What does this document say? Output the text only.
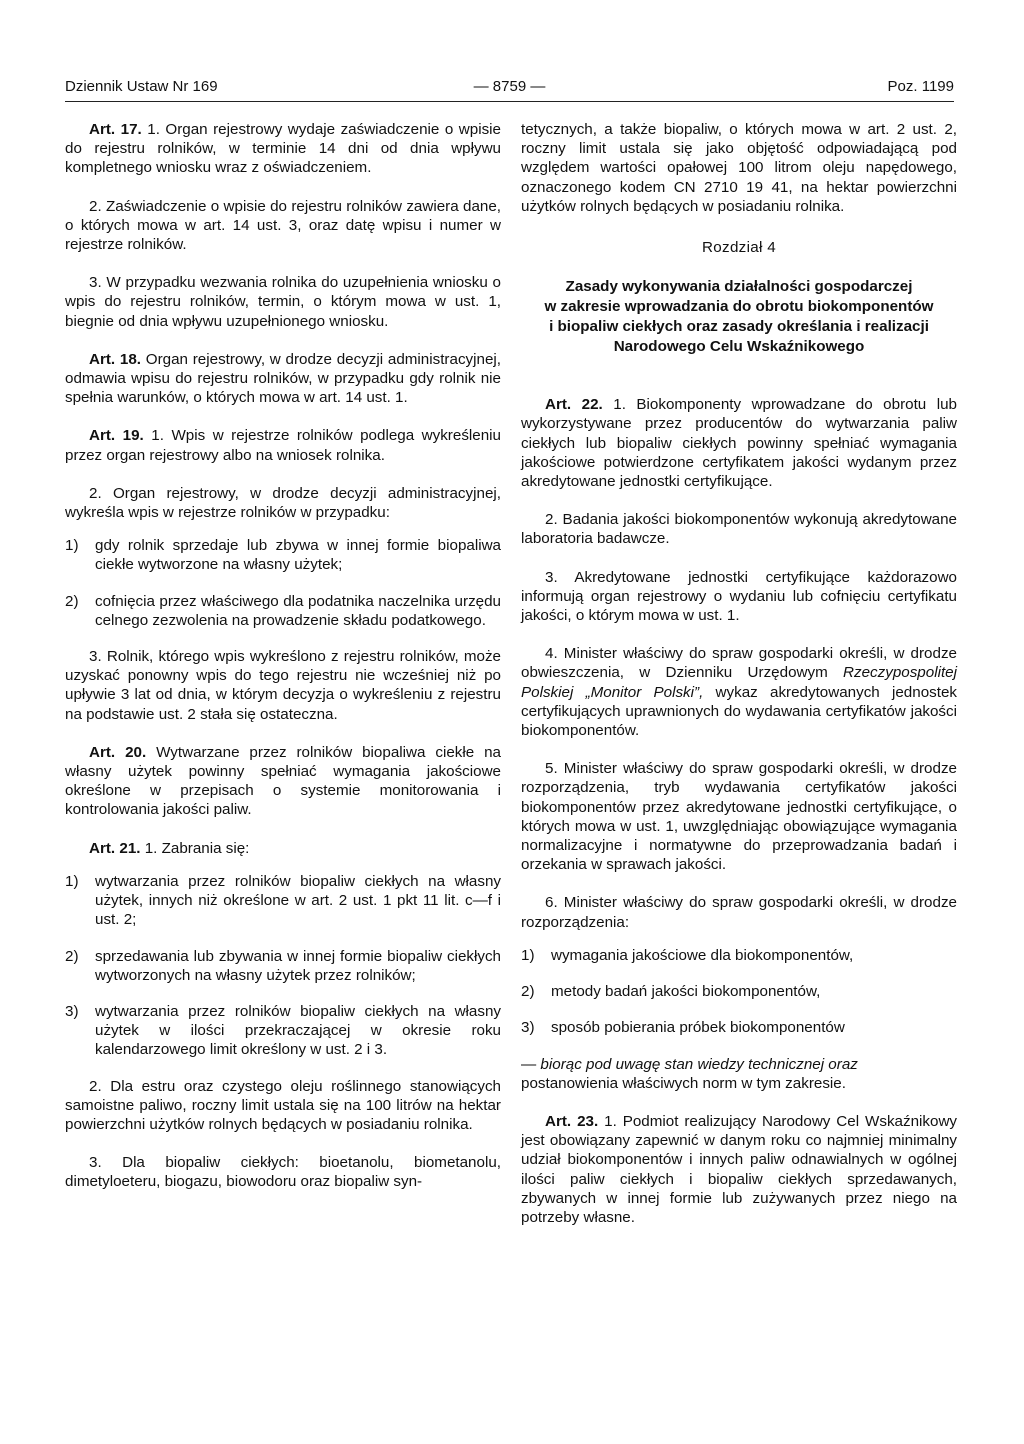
Dziennik Ustaw Nr 169	— 8759 —	Poz. 1199

Art. 17. 1. Organ rejestrowy wydaje zaświadczenie o wpisie do rejestru rolników, w terminie 14 dni od dnia wpływu kompletnego wniosku wraz z oświadczeniem.

2. Zaświadczenie o wpisie do rejestru rolników zawiera dane, o których mowa w art. 14 ust. 3, oraz datę wpisu i numer w rejestrze rolników.

3. W przypadku wezwania rolnika do uzupełnienia wniosku o wpis do rejestru rolników, termin, o którym mowa w ust. 1, biegnie od dnia wpływu uzupełnionego wniosku.

Art. 18. Organ rejestrowy, w drodze decyzji administracyjnej, odmawia wpisu do rejestru rolników, w przypadku gdy rolnik nie spełnia warunków, o których mowa w art. 14 ust. 1.

Art. 19. 1. Wpis w rejestrze rolników podlega wykreśleniu przez organ rejestrowy albo na wniosek rolnika.

2. Organ rejestrowy, w drodze decyzji administracyjnej, wykreśla wpis w rejestrze rolników w przypadku:

1)	gdy rolnik sprzedaje lub zbywa w innej formie biopaliwa ciekłe wytworzone na własny użytek;
2)	cofnięcia przez właściwego dla podatnika naczelnika urzędu celnego zezwolenia na prowadzenie składu podatkowego.

3. Rolnik, którego wpis wykreślono z rejestru rolników, może uzyskać ponowny wpis do tego rejestru nie wcześniej niż po upływie 3 lat od dnia, w którym decyzja o wykreśleniu z rejestru na podstawie ust. 2 stała się ostateczna.

Art. 20. Wytwarzane przez rolników biopaliwa ciekłe na własny użytek powinny spełniać wymagania jakościowe określone w przepisach o systemie monitorowania i kontrolowania jakości paliw.

Art. 21. 1. Zabrania się:

1)	wytwarzania przez rolników biopaliw ciekłych na własny użytek, innych niż określone w art. 2 ust. 1 pkt 11 lit. c—f i ust. 2;
2)	sprzedawania lub zbywania w innej formie biopaliw ciekłych wytworzonych na własny użytek przez rolników;
3)	wytwarzania przez rolników biopaliw ciekłych na własny użytek w ilości przekraczającej w okresie roku kalendarzowego limit określony w ust. 2 i 3.

2. Dla estru oraz czystego oleju roślinnego stanowiących samoistne paliwo, roczny limit ustala się na 100 litrów na hektar powierzchni użytków rolnych będących w posiadaniu rolnika.

3. Dla biopaliw ciekłych: bioetanolu, biometanolu, dimetyloeteru, biogazu, biowodoru oraz biopaliw syn-

tetycznych, a także biopaliw, o których mowa w art. 2 ust. 2, roczny limit ustala się jako objętość odpowiadającą pod względem wartości opałowej 100 litrom oleju napędowego, oznaczonego kodem CN 2710 19 41, na hektar powierzchni użytków rolnych będących w posiadaniu rolnika.

Rozdział 4
Zasady wykonywania działalności gospodarczej
w zakresie wprowadzania do obrotu biokomponentów
i biopaliw ciekłych oraz zasady określania i realizacji
Narodowego Celu Wskaźnikowego

Art. 22. 1. Biokomponenty wprowadzane do obrotu lub wykorzystywane przez producentów do wytwarzania paliw ciekłych lub biopaliw ciekłych powinny spełniać wymagania jakościowe potwierdzone certyfikatem jakości wydanym przez akredytowane jednostki certyfikujące.

2. Badania jakości biokomponentów wykonują akredytowane laboratoria badawcze.

3. Akredytowane jednostki certyfikujące każdorazowo informują organ rejestrowy o wydaniu lub cofnięciu certyfikatu jakości, o którym mowa w ust. 1.

4. Minister właściwy do spraw gospodarki określi, w drodze obwieszczenia, w Dzienniku Urzędowym Rzeczypospolitej Polskiej „Monitor Polski”, wykaz akredytowanych jednostek certyfikujących uprawnionych do wydawania certyfikatów jakości biokomponentów.

5. Minister właściwy do spraw gospodarki określi, w drodze rozporządzenia, tryb wydawania certyfikatów jakości biokomponentów przez akredytowane jednostki certyfikujące, o których mowa w ust. 1, uwzględniając obowiązujące wymagania normalizacyjne i normatywne do przeprowadzania badań i orzekania w sprawach jakości.

6. Minister właściwy do spraw gospodarki określi, w drodze rozporządzenia:

1)	wymagania jakościowe dla biokomponentów,
2)	metody badań jakości biokomponentów,
3)	sposób pobierania próbek biokomponentów

— biorąc pod uwagę stan wiedzy technicznej oraz
postanowienia właściwych norm w tym zakresie.

Art. 23. 1. Podmiot realizujący Narodowy Cel Wskaźnikowy jest obowiązany zapewnić w danym roku co najmniej minimalny udział biokomponentów i innych paliw odnawialnych w ogólnej ilości paliw ciekłych i biopaliw ciekłych sprzedawanych, zbywanych w innej formie lub zużywanych przez niego na potrzeby własne.
